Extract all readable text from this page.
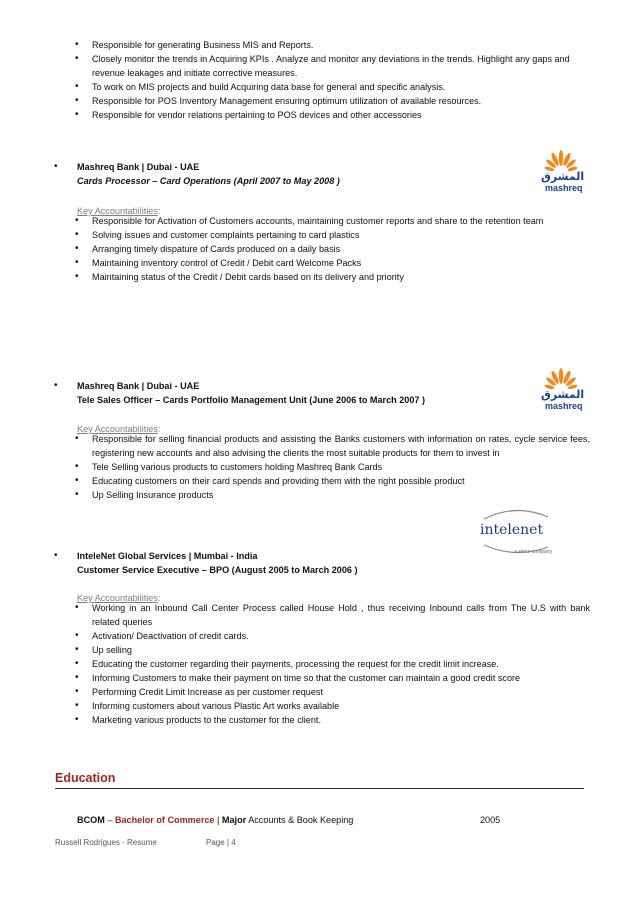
• Responsible for generating Business MIS and Reports.
• Closely monitor the trends in Acquiring KPIs . Analyze and monitor any deviations in the trends. Highlight any gaps and revenue leakages and initiate corrective measures.
• To work on MIS projects and build Acquiring data base for general and specific analysis.
• Responsible for POS Inventory Management ensuring optimum utilization of available resources.
• Responsible for vendor relations pertaining to POS devices and other accessories
• Mashreq Bank | Dubai - UAE
Cards Processor – Card Operations (April 2007 to May 2008 )	المشرق
mashreq
Key Accountabilities:
• Responsible for Activation of Customers accounts, maintaining customer reports and share to the retention team
• Solving issues and customer complaints pertaining to card plastics
• Arranging timely dispature of Cards produced on a daily basis
• Maintaining inventory control of Credit / Debit card Welcome Packs
• Maintaining status of the Credit / Debit cards based on its delivery and priority
• Mashreq Bank | Dubai - UAE
Tele Sales Officer – Cards Portfolio Management Unit (June 2006 to March 2007 )	المشرق
mashreq
Key Accountabilities:
• Responsible for selling financial products and assisting the Banks customers with information on rates, cycle service fees, registering new accounts and also advising the clients the most suitable products for them to invest in
• Tele Selling various products to customers holding Mashreq Bank Cards
• Educating customers on their card spends and providing them with the right possible product
• Up Selling Insurance products
intelenet
a serco company
• InteleNet Global Services | Mumbai - India
Customer Service Executive – BPO (August 2005 to March 2006 )
Key Accountabilities:
• Working in an Inbound Call Center Process called House Hold , thus receiving Inbound calls from The U.S with bank related queries
• Activation/ Deactivation of credit cards.
• Up selling
• Educating the customer regarding their payments, processing the request for the credit limit increase.
• Informing Customers to make their payment on time so that the customer can maintain a good credit score
• Performing Credit Limit Increase as per customer request
• Informing customers about various Plastic Art works available
• Marketing various products to the customer for the client.
Education
BCOM – Bachelor of Commerce | Major Accounts & Book Keeping	2005
Russell Rodrigues - Resume	Page | 4
